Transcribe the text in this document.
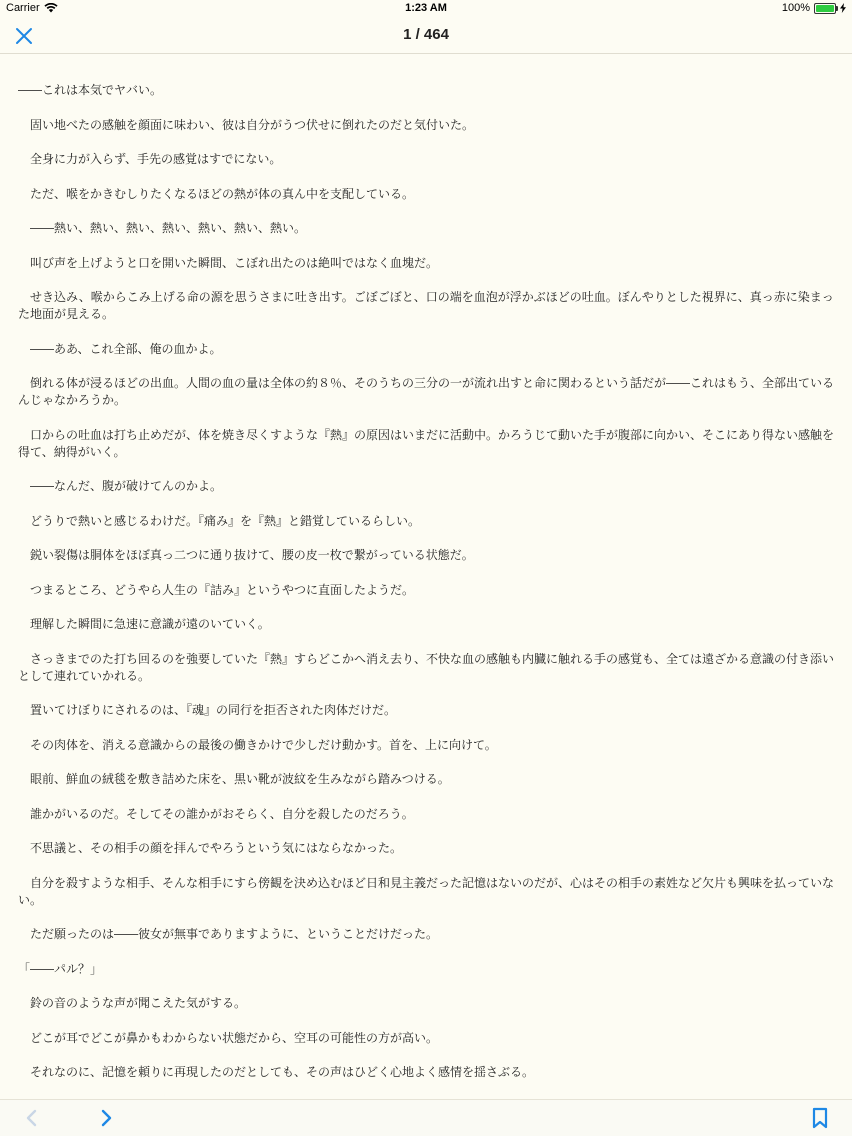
Carrier	1:23 AM	100%
1 / 464

――これは本気でヤバい。

　固い地べたの感触を顔面に味わい、彼は自分がうつ伏せに倒れたのだと気付いた。

　全身に力が入らず、手先の感覚はすでにない。

　ただ、喉をかきむしりたくなるほどの熱が体の真ん中を支配している。

　――熱い、熱い、熱い、熱い、熱い、熱い、熱い。

　叫び声を上げようと口を開いた瞬間、こぼれ出たのは絶叫ではなく血塊だ。

　せき込み、喉からこみ上げる命の源を思うさまに吐き出す。ごぼごぼと、口の端を血泡が浮かぶほどの吐血。ぼんやりとした視界に、真っ赤に染まった地面が見える。

　――ああ、これ全部、俺の血かよ。

　倒れる体が浸るほどの出血。人間の血の量は全体の約８％、そのうちの三分の一が流れ出すと命に関わるという話だが――これはもう、全部出ているんじゃなかろうか。

　口からの吐血は打ち止めだが、体を焼き尽くすような『熱』の原因はいまだに活動中。かろうじて動いた手が腹部に向かい、そこにあり得ない感触を得て、納得がいく。

　――なんだ、腹が破けてんのかよ。

　どうりで熱いと感じるわけだ。『痛み』を『熱』と錯覚しているらしい。

　鋭い裂傷は胴体をほぼ真っ二つに通り抜けて、腰の皮一枚で繋がっている状態だ。

　つまるところ、どうやら人生の『詰み』というやつに直面したようだ。

　理解した瞬間に急速に意識が遠のいていく。

　さっきまでのた打ち回るのを強要していた『熱』すらどこかへ消え去り、不快な血の感触も内臓に触れる手の感覚も、全ては遠ざかる意識の付き添いとして連れていかれる。

　置いてけぼりにされるのは、『魂』の同行を拒否された肉体だけだ。

　その肉体を、消える意識からの最後の働きかけで少しだけ動かす。首を、上に向けて。

　眼前、鮮血の絨毯を敷き詰めた床を、黒い靴が波紋を生みながら踏みつける。

　誰かがいるのだ。そしてその誰かがおそらく、自分を殺したのだろう。

　不思議と、その相手の顔を拝んでやろうという気にはならなかった。

　自分を殺すような相手、そんな相手にすら傍観を決め込むほど日和見主義だった記憶はないのだが、心はその相手の素姓など欠片も興味を払っていない。

　ただ願ったのは――彼女が無事でありますように、ということだけだった。

「――パル？」

　鈴の音のような声が聞こえた気がする。

　どこが耳でどこが鼻かもわからない状態だから、空耳の可能性の方が高い。

　それなのに、記憶を頼りに再現したのだとしても、その声はひどく心地よく感情を揺さぶる。
